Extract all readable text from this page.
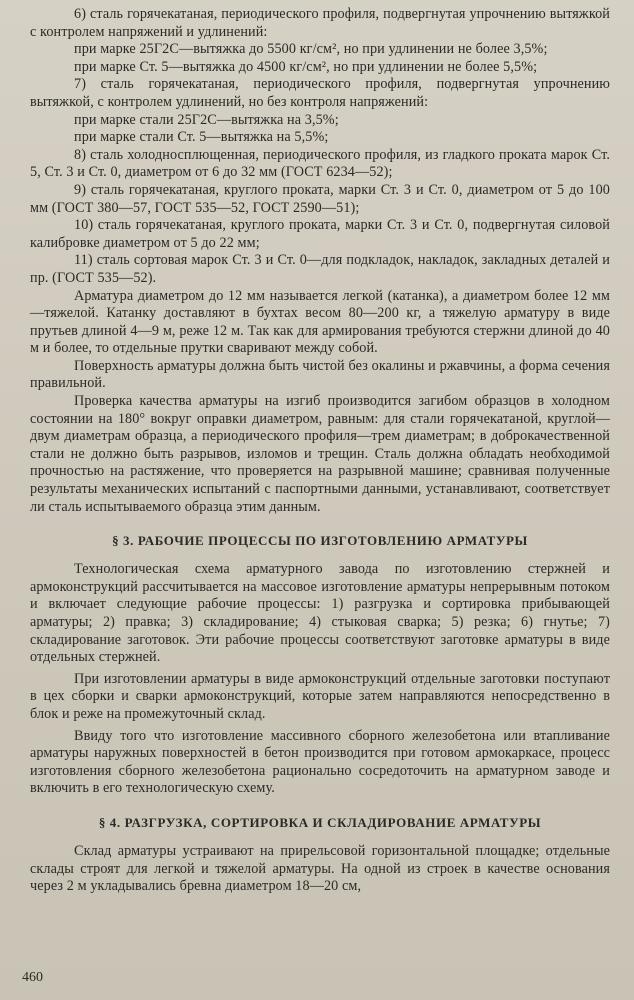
6) сталь горячекатаная, периодического профиля, подвергнутая упрочнению вытяжкой с контролем напряжений и удлинений:

при марке 25Г2С—вытяжка до 5500 кг/см², но при удлинении не более 3,5%;

при марке Ст. 5—вытяжка до 4500 кг/см², но при удлинении не более 5,5%;

7) сталь горячекатаная, периодического профиля, подвергнутая упрочнению вытяжкой, с контролем удлинений, но без контроля напряжений:

при марке стали 25Г2С—вытяжка на 3,5%;

при марке стали Ст. 5—вытяжка на 5,5%;

8) сталь холодносплющенная, периодического профиля, из гладкого проката марок Ст. 5, Ст. 3 и Ст. 0, диаметром от 6 до 32 мм (ГОСТ 6234—52);

9) сталь горячекатаная, круглого проката, марки Ст. 3 и Ст. 0, диаметром от 5 до 100 мм (ГОСТ 380—57, ГОСТ 535—52, ГОСТ 2590—51);

10) сталь горячекатаная, круглого проката, марки Ст. 3 и Ст. 0, подвергнутая силовой калибровке диаметром от 5 до 22 мм;

11) сталь сортовая марок Ст. 3 и Ст. 0—для подкладок, накладок, закладных деталей и пр. (ГОСТ 535—52).

Арматура диаметром до 12 мм называется легкой (катанка), а диаметром более 12 мм—тяжелой. Катанку доставляют в бухтах весом 80—200 кг, а тяжелую арматуру в виде прутьев длиной 4—9 м, реже 12 м. Так как для армирования требуются стержни длиной до 40 м и более, то отдельные прутки сваривают между собой.

Поверхность арматуры должна быть чистой без окалины и ржавчины, а форма сечения правильной.

Проверка качества арматуры на изгиб производится загибом образцов в холодном состоянии на 180° вокруг оправки диаметром, равным: для стали горячекатаной, круглой—двум диаметрам образца, а периодического профиля—трем диаметрам; в доброкачественной стали не должно быть разрывов, изломов и трещин. Сталь должна обладать необходимой прочностью на растяжение, что проверяется на разрывной машине; сравнивая полученные результаты механических испытаний с паспортными данными, устанавливают, соответствует ли сталь испытываемого образца этим данным.

§ 3. РАБОЧИЕ ПРОЦЕССЫ ПО ИЗГОТОВЛЕНИЮ АРМАТУРЫ

Технологическая схема арматурного завода по изготовлению стержней и армоконструкций рассчитывается на массовое изготовление арматуры непрерывным потоком и включает следующие рабочие процессы: 1) разгрузка и сортировка прибывающей арматуры; 2) правка; 3) складирование; 4) стыковая сварка; 5) резка; 6) гнутье; 7) складирование заготовок. Эти рабочие процессы соответствуют заготовке арматуры в виде отдельных стержней.

При изготовлении арматуры в виде армоконструкций отдельные заготовки поступают в цех сборки и сварки армоконструкций, которые затем направляются непосредственно в блок и реже на промежуточный склад.

Ввиду того что изготовление массивного сборного железобетона или втапливание арматуры наружных поверхностей в бетон производится при готовом армокаркасе, процесс изготовления сборного железобетона рационально сосредоточить на арматурном заводе и включить в его технологическую схему.

§ 4. РАЗГРУЗКА, СОРТИРОВКА И СКЛАДИРОВАНИЕ АРМАТУРЫ

Склад арматуры устраивают на прирельсовой горизонтальной площадке; отдельные склады строят для легкой и тяжелой арматуры. На одной из строек в качестве основания через 2 м укладывались бревна диаметром 18—20 см,

460
